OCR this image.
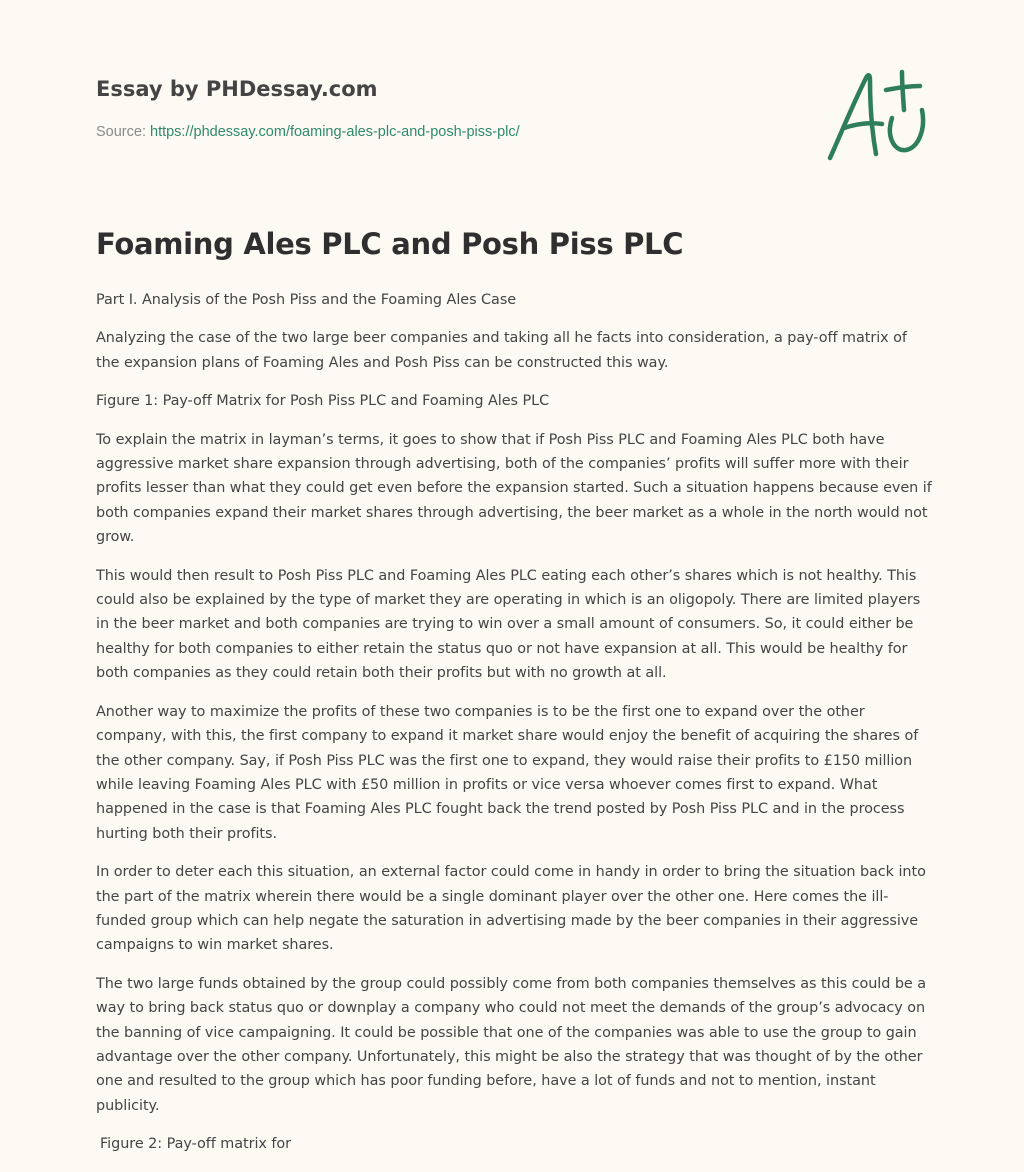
Essay by PHDessay.com
Source: https://phdessay.com/foaming-ales-plc-and-posh-piss-plc/
Foaming Ales PLC and Posh Piss PLC

Part I. Analysis of the Posh Piss and the Foaming Ales Case

Analyzing the case of the two large beer companies and taking all he facts into consideration, a pay-off matrix of the expansion plans of Foaming Ales and Posh Piss can be constructed this way.

Figure 1: Pay-off Matrix for Posh Piss PLC and Foaming Ales PLC

To explain the matrix in layman’s terms, it goes to show that if Posh Piss PLC and Foaming Ales PLC both have aggressive market share expansion through advertising, both of the companies’ profits will suffer more with their profits lesser than what they could get even before the expansion started. Such a situation happens because even if both companies expand their market shares through advertising, the beer market as a whole in the north would not grow.

This would then result to Posh Piss PLC and Foaming Ales PLC eating each other’s shares which is not healthy. This could also be explained by the type of market they are operating in which is an oligopoly. There are limited players in the beer market and both companies are trying to win over a small amount of consumers. So, it could either be healthy for both companies to either retain the status quo or not have expansion at all. This would be healthy for both companies as they could retain both their profits but with no growth at all.

Another way to maximize the profits of these two companies is to be the first one to expand over the other company, with this, the first company to expand it market share would enjoy the benefit of acquiring the shares of the other company. Say, if Posh Piss PLC was the first one to expand, they would raise their profits to £150 million while leaving Foaming Ales PLC with £50 million in profits or vice versa whoever comes first to expand. What happened in the case is that Foaming Ales PLC fought back the trend posted by Posh Piss PLC and in the process hurting both their profits.

In order to deter each this situation, an external factor could come in handy in order to bring the situation back into the part of the matrix wherein there would be a single dominant player over the other one. Here comes the ill-funded group which can help negate the saturation in advertising made by the beer companies in their aggressive campaigns to win market shares.

The two large funds obtained by the group could possibly come from both companies themselves as this could be a way to bring back status quo or downplay a company who could not meet the demands of the group’s advocacy on the banning of vice campaigning. It could be possible that one of the companies was able to use the group to gain advantage over the other company. Unfortunately, this might be also the strategy that was thought of by the other one and resulted to the group which has poor funding before, have a lot of funds and not to mention, instant publicity.

Figure 2: Pay-off matrix for
